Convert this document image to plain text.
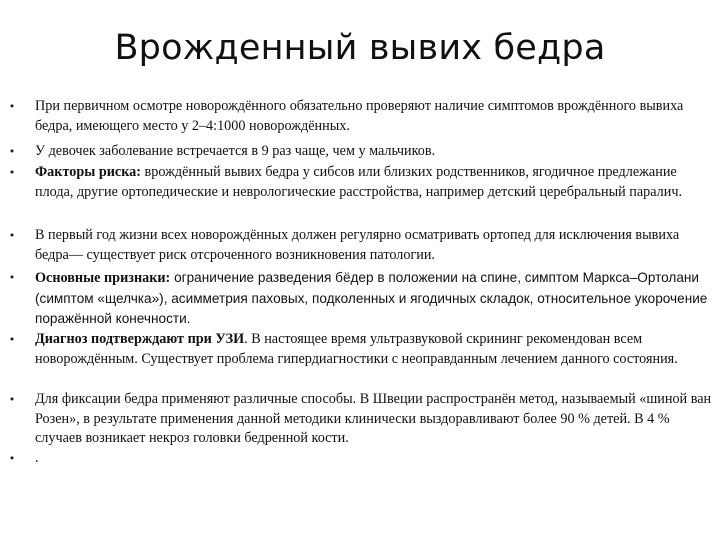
Врожденный вывих бедра
• При первичном осмотре новорождённого обязательно проверяют наличие симптомов врождённого вывиха бедра, имеющего место у 2–4:1000 новорождённых.
• У девочек заболевание встречается в 9 раз чаще, чем у мальчиков.
• Факторы риска: врождённый вывих бедра у сибсов или близких родственников, ягодичное предлежание плода, другие ортопедические и неврологические расстройства, например детский церебральный паралич.
• В первый год жизни всех новорождённых должен регулярно осматривать ортопед для исключения вывиха бедра— существует риск отсроченного возникновения патологии.
• Основные признаки: ограничение разведения бёдер в положении на спине, симптом Маркса–Ортолани (симптом «щелчка»), асимметрия паховых, подколенных и ягодичных складок, относительное укорочение поражённой конечности.
• Диагноз подтверждают при УЗИ. В настоящее время ультразвуковой скрининг рекомендован всем новорождённым. Существует проблема гипердиагностики с неоправданным лечением данного состояния.
• Для фиксации бедра применяют различные способы. В Швеции распространён метод, называемый «шиной ван Розен», в результате применения данной методики клинически выздоравливают более 90 % детей. В 4 % случаев возникает некроз головки бедренной кости.
• .
